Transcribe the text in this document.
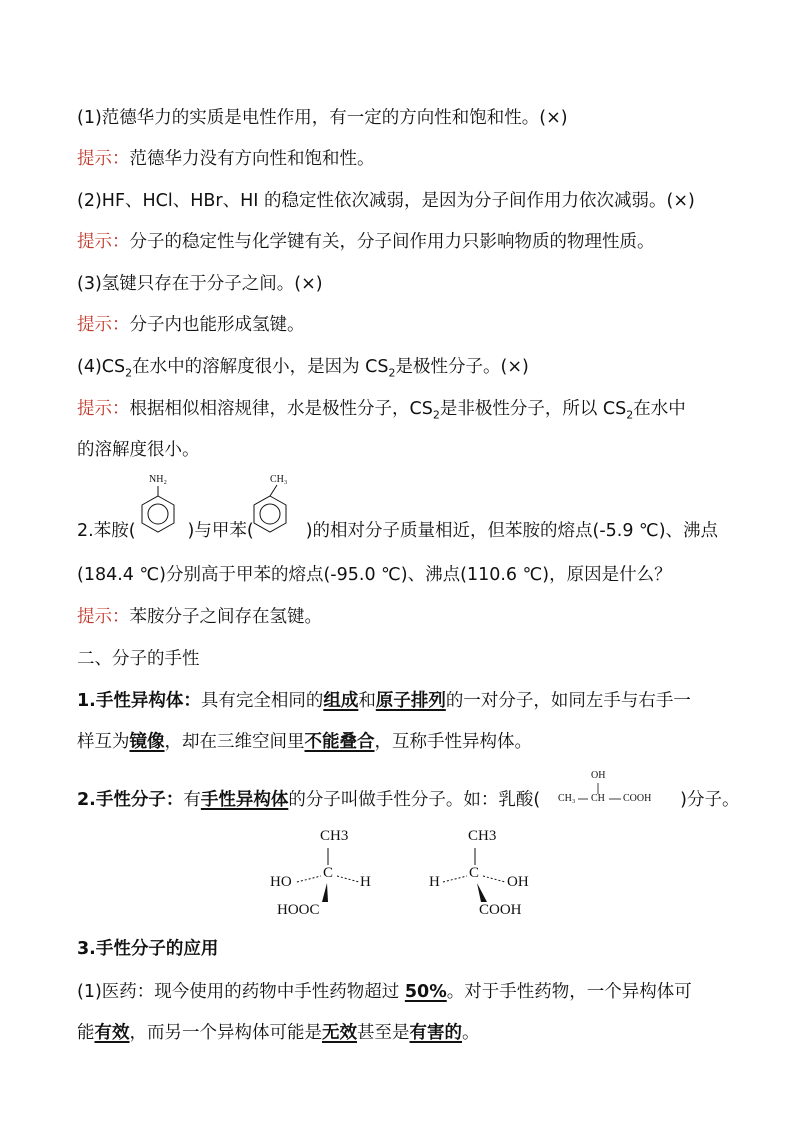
(1)范德华力的实质是电性作用，有一定的方向性和饱和性。(×)
提示：范德华力没有方向性和饱和性。
(2)HF、HCl、HBr、HI 的稳定性依次减弱，是因为分子间作用力依次减弱。(×)
提示：分子的稳定性与化学键有关，分子间作用力只影响物质的物理性质。
(3)氢键只存在于分子之间。(×)
提示：分子内也能形成氢键。
$(4)CS_2$在水中的溶解度很小，是因为 $CS_2$是极性分子。(×)
提示：根据相似相溶规律，水是极性分子，$CS_2$是非极性分子，所以 $CS_2$在水中
的溶解度很小。
2.苯胺(	)与甲苯(	)的相对分子质量相近，但苯胺的熔点(-5.9 ℃)、沸点
NH₂	CH₃
(184.4 ℃)分别高于甲苯的熔点(-95.0 ℃)、沸点(110.6 ℃)，原因是什么？
提示：苯胺分子之间存在氢键。
二、分子的手性
1.手性异构体：具有完全相同的组成和原子排列的一对分子，如同左手与右手一
样互为镜像，却在三维空间里不能叠合，互称手性异构体。
2.手性分子：有手性异构体的分子叫做手性分子。如：乳酸(	)分子。
OH
CH₃ CH COOH
CH3
HO
C
H
HOOC
CH3
H
C
OH
COOH
3.手性分子的应用
(1)医药：现今使用的药物中手性药物超过 50%。对于手性药物，一个异构体可
能有效，而另一个异构体可能是无效甚至是有害的。
